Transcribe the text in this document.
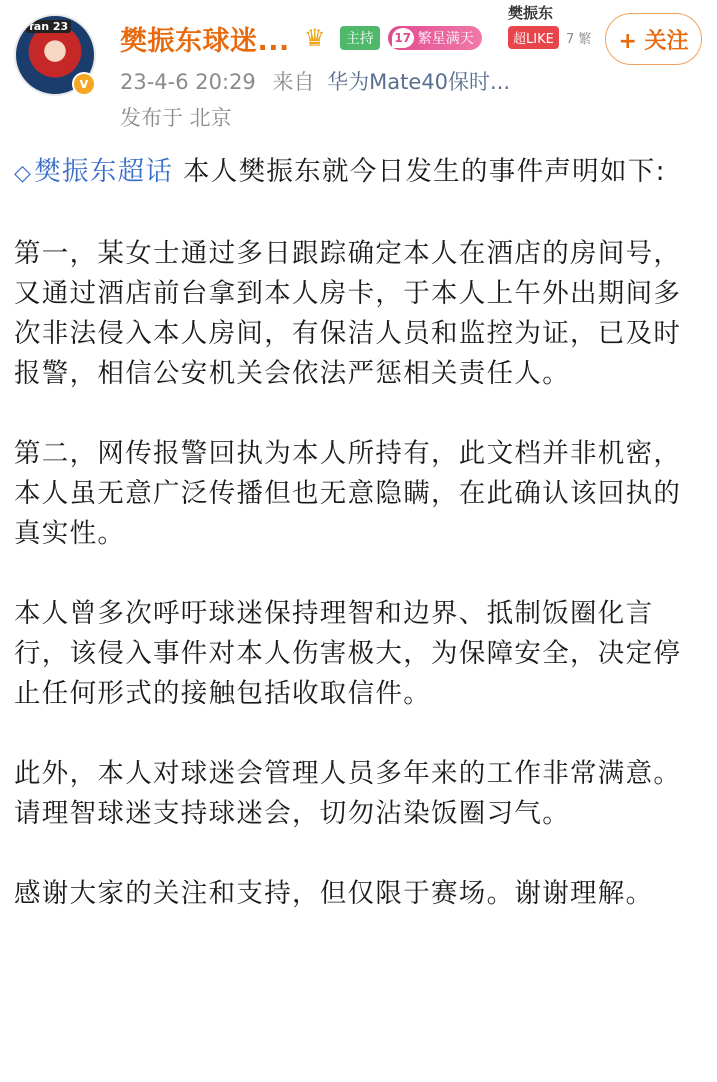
fan 23
v
樊振东球迷... ♛	主持	17 繁星满天
樊振东
超LIKE 7 繁	+ 关注
23-4-6 20:29 来自 华为Mate40保时...
发布于 北京

◇樊振东超话 本人樊振东就今日发生的事件声明如下:

第一，某女士通过多日跟踪确定本人在酒店的房间号，又通过酒店前台拿到本人房卡，于本人上午外出期间多次非法侵入本人房间，有保洁人员和监控为证，已及时报警，相信公安机关会依法严惩相关责任人。

第二，网传报警回执为本人所持有，此文档并非机密，本人虽无意广泛传播但也无意隐瞒，在此确认该回执的真实性。

本人曾多次呼吁球迷保持理智和边界、抵制饭圈化言行，该侵入事件对本人伤害极大，为保障安全，决定停止任何形式的接触包括收取信件。

此外，本人对球迷会管理人员多年来的工作非常满意。请理智球迷支持球迷会，切勿沾染饭圈习气。

感谢大家的关注和支持，但仅限于赛场。谢谢理解。
